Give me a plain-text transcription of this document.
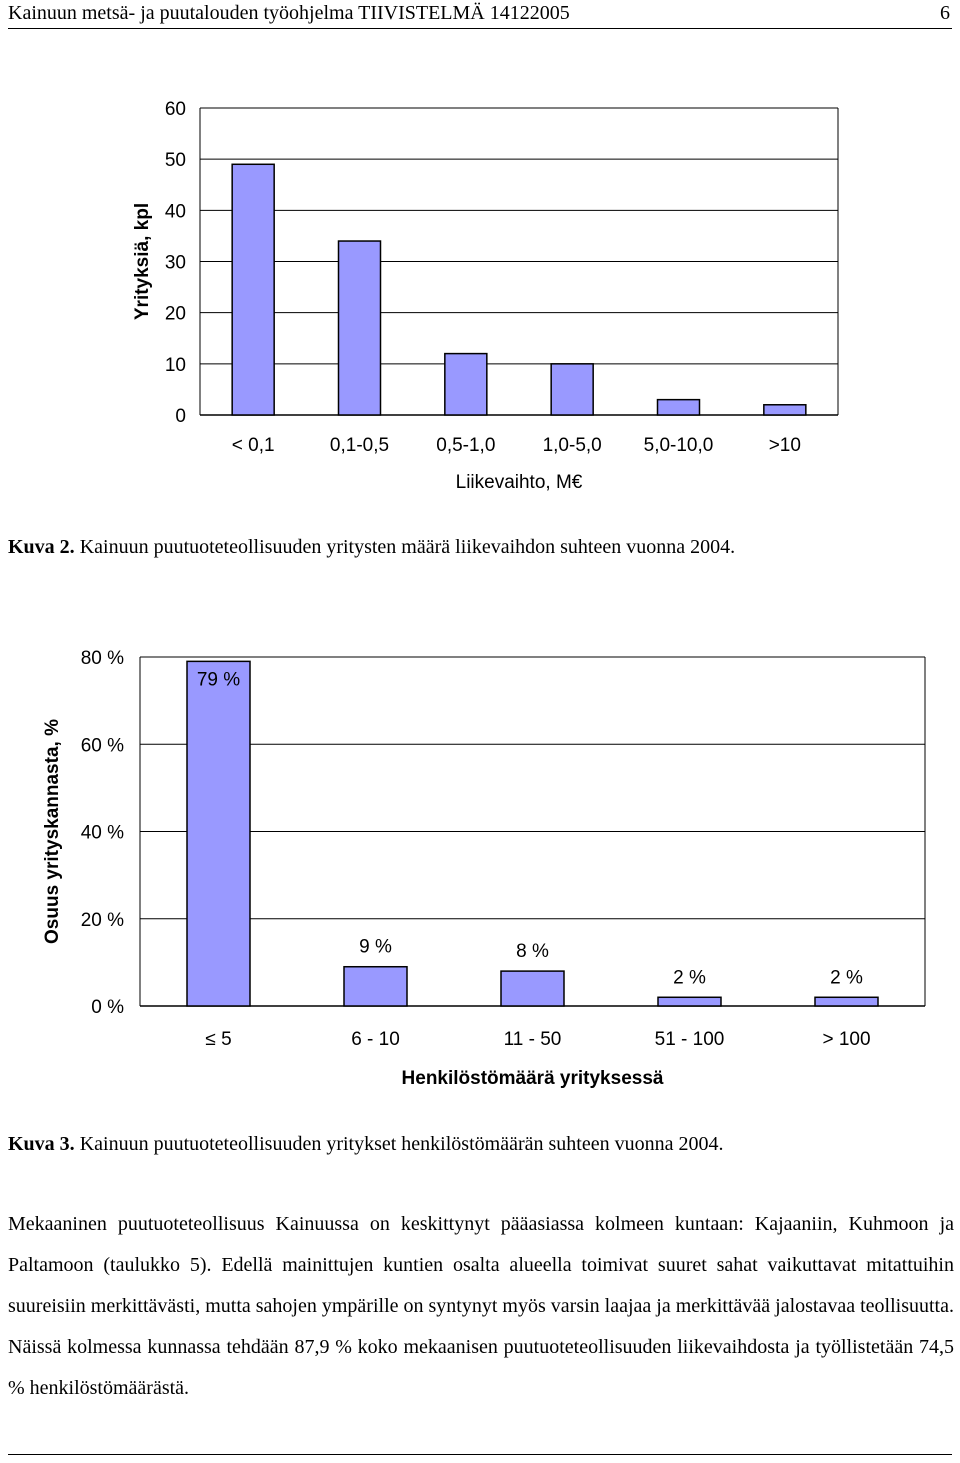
Kainuun metsä- ja puutalouden työohjelma TIIVISTELMÄ 14122005	6
0
10
20
30
40
50
60
< 0,1	0,1-0,5 0,5-1,0 1,0-5,0 5,0-10,0	>10
Liikevaihto, M€
Yrityksiä, kpl
Kuva 2. Kainuun puutuoteteollisuuden yritysten määrä liikevaihdon suhteen vuonna 2004.
0 %
20 %
40 %
60 %
80 %
79 %
≤ 5
9 %
6 - 10
8 %
11 - 50
2 %
51 - 100
2 %
> 100
Henkilöstömäärä yrityksessä
Osuus yrityskannasta, %
Kuva 3. Kainuun puutuoteteollisuuden yritykset henkilöstömäärän suhteen vuonna 2004.
Mekaaninen puutuoteteollisuus Kainuussa on keskittynyt pääasiassa kolmeen kuntaan: Kajaaniin, Kuhmoon ja Paltamoon (taulukko 5). Edellä mainittujen kuntien osalta alueella toimivat suuret sahat vaikuttavat mitattuihin suureisiin merkittävästi, mutta sahojen ympärille on syntynyt myös varsin laajaa ja merkittävää jalostavaa teollisuutta. Näissä kolmessa kunnassa tehdään 87,9 % koko mekaanisen puutuoteteollisuuden liikevaihdosta ja työllistetään 74,5 % henkilöstömäärästä.
